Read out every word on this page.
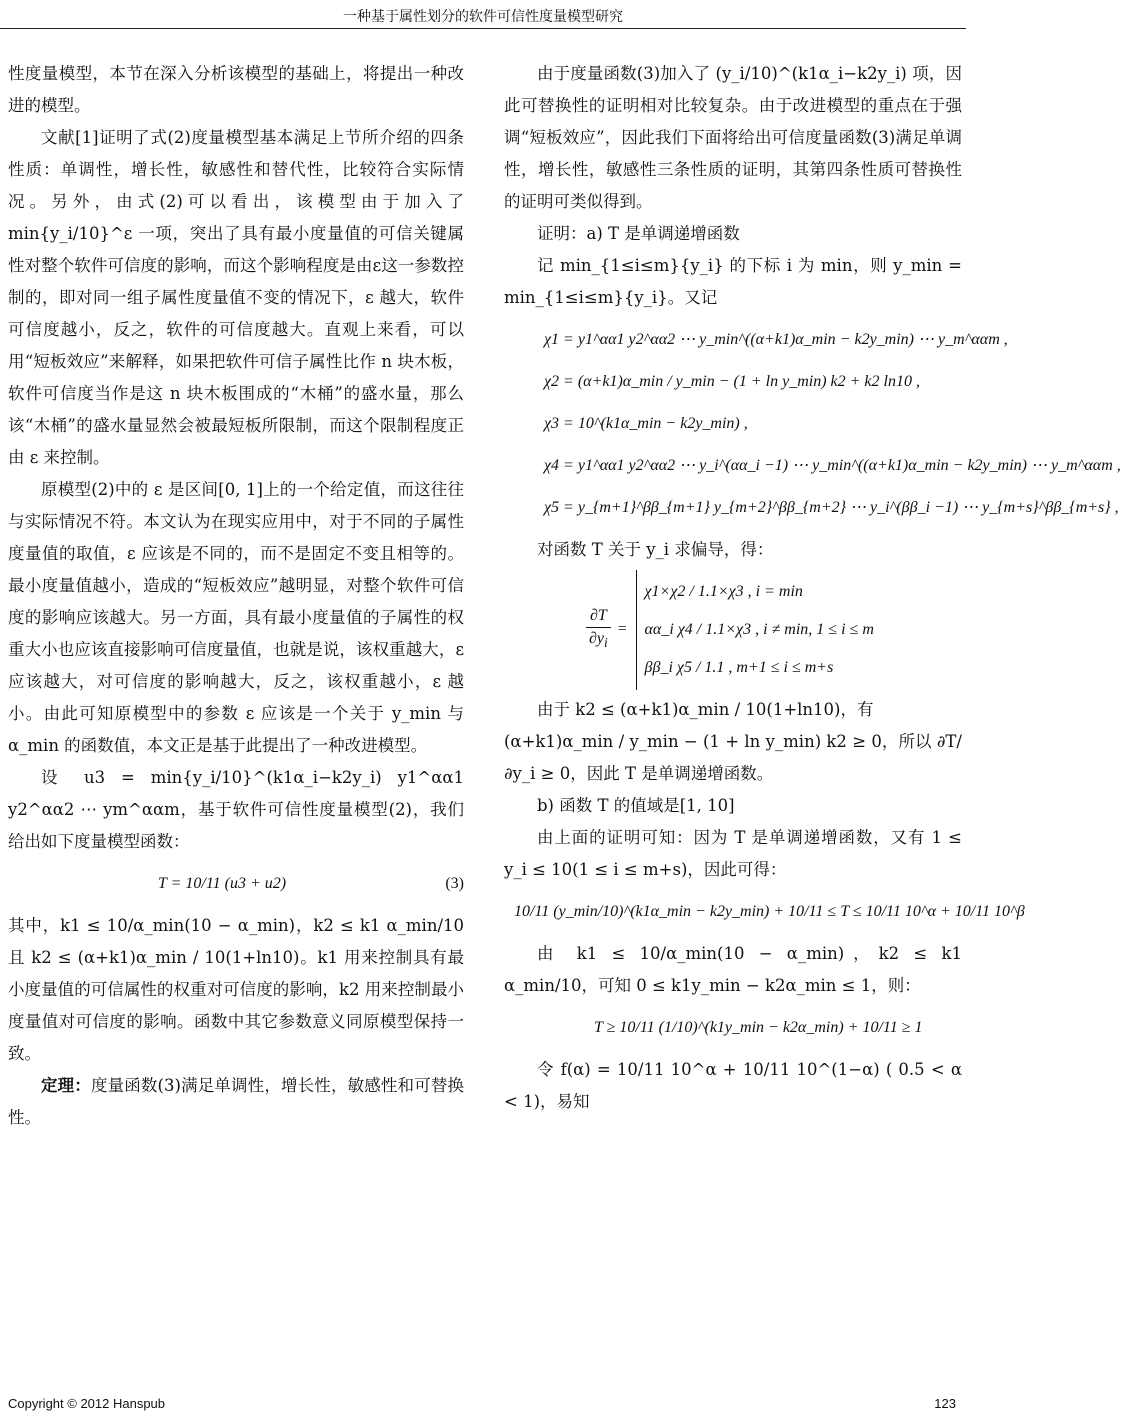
一种基于属性划分的软件可信性度量模型研究

性度量模型，本节在深入分析该模型的基础上，将提出一种改进的模型。

文献[1]证明了式(2)度量模型基本满足上节所介绍的四条性质：单调性，增长性，敏感性和替代性，比较符合实际情况。另外，由式(2)可以看出，该模型由于加入了 min{y_i/10}^ε 一项，突出了具有最小度量值的可信关键属性对整个软件可信度的影响，而这个影响程度是由ε这一参数控制的，即对同一组子属性度量值不变的情况下，ε 越大，软件可信度越小，反之，软件的可信度越大。直观上来看，可以用“短板效应”来解释，如果把软件可信子属性比作 n 块木板，软件可信度当作是这 n 块木板围成的“木桶”的盛水量，那么该“木桶”的盛水量显然会被最短板所限制，而这个限制程度正由 ε 来控制。

原模型(2)中的 ε 是区间[0, 1]上的一个给定值，而这往往与实际情况不符。本文认为在现实应用中，对于不同的子属性度量值的取值，ε 应该是不同的，而不是固定不变且相等的。最小度量值越小，造成的“短板效应”越明显，对整个软件可信度的影响应该越大。另一方面，具有最小度量值的子属性的权重大小也应该直接影响可信度量值，也就是说，该权重越大，ε 应该越大，对可信度的影响越大，反之，该权重越小，ε 越小。由此可知原模型中的参数 ε 应该是一个关于 y_min 与 α_min 的函数值，本文正是基于此提出了一种改进模型。

设 u3 = min{y_i/10}^(k1α_i−k2y_i) y1^αα1 y2^αα2 ⋯ ym^ααm，基于软件可信性度量模型(2)，我们给出如下度量模型函数：

T = 10/11 (u3 + u2)	(3)

其中，k1 ≤ 10/α_min(10 − α_min)，k2 ≤ k1 α_min/10 且 k2 ≤ (α+k1)α_min / 10(1+ln10)。k1 用来控制具有最小度量值的可信属性的权重对可信度的影响，k2 用来控制最小度量值对可信度的影响。函数中其它参数意义同原模型保持一致。

定理：度量函数(3)满足单调性，增长性，敏感性和可替换性。

由于度量函数(3)加入了 (y_i/10)^(k1α_i−k2y_i) 项，因此可替换性的证明相对比较复杂。由于改进模型的重点在于强调“短板效应”，因此我们下面将给出可信度量函数(3)满足单调性，增长性，敏感性三条性质的证明，其第四条性质可替换性的证明可类似得到。

证明：a) T 是单调递增函数

记 min_{1≤i≤m}{y_i} 的下标 i 为 min，则 y_min = min_{1≤i≤m}{y_i}。又记

χ1 = y1^αα1 y2^αα2 ⋯ y_min^((α+k1)α_min − k2y_min) ⋯ y_m^ααm ,
χ2 = (α+k1)α_min / y_min − (1 + ln y_min) k2 + k2 ln10 ,
χ3 = 10^(k1α_min − k2y_min) ,
χ4 = y1^αα1 y2^αα2 ⋯ y_i^(αα_i −1) ⋯ y_min^((α+k1)α_min − k2y_min) ⋯ y_m^ααm ,
χ5 = y_{m+1}^ββ_{m+1} y_{m+2}^ββ_{m+2} ⋯ y_i^(ββ_i −1) ⋯ y_{m+s}^ββ_{m+s} ,

对函数 T 关于 y_i 求偏导，得：

$\frac{\partial T}{\partial y_i}$ =
χ1×χ2 / 1.1×χ3 , i = min
αα_i χ4 / 1.1×χ3 , i ≠ min, 1 ≤ i ≤ m
ββ_i χ5 / 1.1 , m+1 ≤ i ≤ m+s

由于 k2 ≤ (α+k1)α_min / 10(1+ln10)，有

(α+k1)α_min / y_min − (1 + ln y_min) k2 ≥ 0，所以 ∂T/∂y_i ≥ 0，因此 T 是单调递增函数。

b) 函数 T 的值域是[1, 10]

由上面的证明可知：因为 T 是单调递增函数，又有 1 ≤ y_i ≤ 10(1 ≤ i ≤ m+s)，因此可得：

10/11 (y_min/10)^(k1α_min − k2y_min) + 10/11 ≤ T ≤ 10/11 10^α + 10/11 10^β

由 k1 ≤ 10/α_min(10 − α_min)，k2 ≤ k1 α_min/10，可知 0 ≤ k1y_min − k2α_min ≤ 1，则：

T ≥ 10/11 (1/10)^(k1y_min − k2α_min) + 10/11 ≥ 1

令 f(α) = 10/11 10^α + 10/11 10^(1−α) ( 0.5 < α < 1)，易知

Copyright © 2012 Hanspub	123
